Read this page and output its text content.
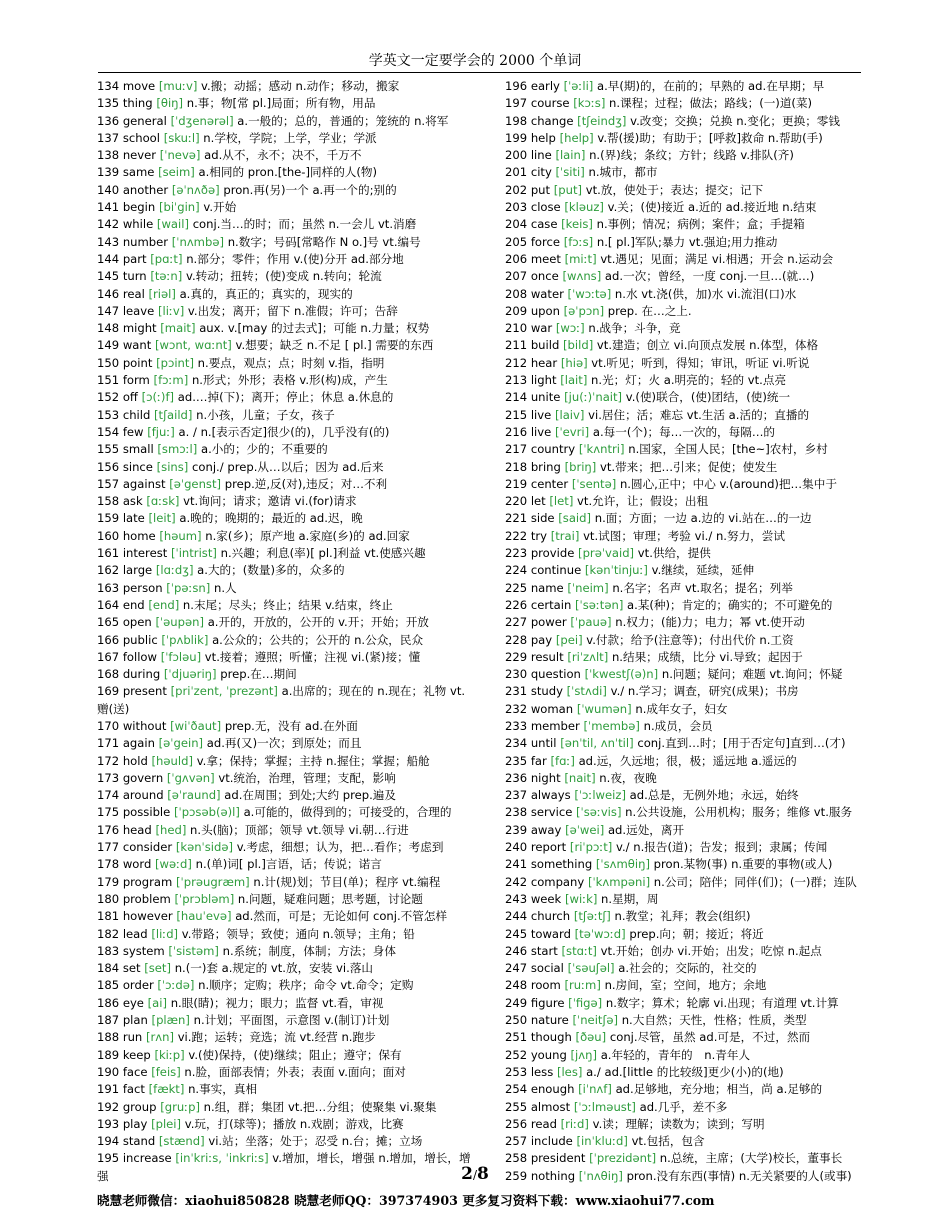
学英文一定要学会的 2000 个单词
134 move [muːv] v.搬；动摇；感动 n.动作；移动，搬家
135 thing [θiŋ] n.事；物[常 pl.]局面；所有物，用品
136 general [ˈdʒenərəl] a.一般的；总的，普通的；笼统的 n.将军
137 school [skuːl] n.学校，学院；上学，学业；学派
138 never [ˈnevə] ad.从不，永不；决不，千万不
139 same [seim] a.相同的 pron.[the-]同样的人(物)
140 another [əˈnʌðə] pron.再(另)一个 a.再一个的;别的
141 begin [biˈgin] v.开始
142 while [wail] conj.当…的时；而；虽然 n.一会儿 vt.消磨
143 number [ˈnʌmbə] n.数字；号码[常略作 N o.]号 vt.编号
144 part [pɑːt] n.部分；零件；作用 v.(使)分开 ad.部分地
145 turn [təːn] v.转动；扭转；(使)变成 n.转向；轮流
146 real [riəl] a.真的，真正的；真实的，现实的
147 leave [liːv] v.出发；离开；留下 n.准假；许可；告辞
148 might [mait] aux. v.[may 的过去式]；可能 n.力量；权势
149 want [wɔnt, wɑːnt] v.想要；缺乏 n.不足 [ pl.] 需要的东西
150 point [pɔint] n.要点，观点；点；时刻 v.指，指明
151 form [fɔːm] n.形式；外形；表格 v.形(构)成，产生
152 off [ɔ(ː)f] ad.…掉(下)；离开；停止；休息 a.休息的
153 child [tʃaild] n.小孩，儿童；子女，孩子
154 few [fjuː] a. / n.[表示否定]很少(的)，几乎没有(的)
155 small [smɔːl] a.小的；少的；不重要的
156 since [sins] conj./ prep.从…以后；因为 ad.后来
157 against [əˈgenst] prep.逆,反(对),违反；对…不利
158 ask [ɑːsk] vt.询问；请求；邀请 vi.(for)请求
159 late [leit] a.晚的；晚期的；最近的 ad.迟，晚
160 home [həum] n.家(乡)；原产地 a.家庭(乡)的 ad.回家
161 interest [ˈintrist] n.兴趣；利息(率)[ pl.]利益 vt.使感兴趣
162 large [lɑːdʒ] a.大的；(数量)多的，众多的
163 person [ˈpəːsn] n.人
164 end [end] n.末尾；尽头；终止；结果 v.结束，终止
165 open [ˈəupən] a.开的，开放的，公开的 v.开；开始；开放
166 public [ˈpʌblik] a.公众的；公共的；公开的 n.公众，民众
167 follow [ˈfɔləu] vt.接着；遵照；听懂；注视 vi.(紧)接；懂
168 during [ˈdjuəriŋ] prep.在…期间
169 present [priˈzent, ˈprezənt] a.出席的；现在的 n.现在；礼物 vt.赠(送)
170 without [wiˈðaut] prep.无，没有 ad.在外面
171 again [əˈgein] ad.再(又)一次；到原处；而且
172 hold [həuld] v.拿；保持；掌握；主持 n.握住；掌握；船舱
173 govern [ˈgʌvən] vt.统治，治理，管理；支配，影响
174 around [əˈraund] ad.在周围；到处;大约 prep.遍及
175 possible [ˈpɔsəb(ə)l] a.可能的，做得到的；可接受的，合理的
176 head [hed] n.头(脑)；顶部；领导 vt.领导 vi.朝…行进
177 consider [kənˈsidə] v.考虑，细想；认为，把…看作；考虑到
178 word [wəːd] n.(单)词[ pl.]言语，话；传说；诺言
179 program [ˈprəugræm] n.计(规)划；节目(单)；程序 vt.编程
180 problem [ˈprɔbləm] n.问题，疑难问题；思考题，讨论题
181 however [hauˈevə] ad.然而，可是；无论如何 conj.不管怎样
182 lead [liːd] v.带路；领导；致使；通向 n.领导；主角；铅
183 system [ˈsistəm] n.系统；制度，体制；方法；身体
184 set [set] n.(一)套 a.规定的 vt.放，安装 vi.落山
185 order [ˈɔːdə] n.顺序；定购；秩序；命令 vt.命令；定购
186 eye [ai] n.眼(睛)；视力；眼力；监督 vt.看，审视
187 plan [plæn] n.计划；平面图，示意图 v.(制订)计划
188 run [rʌn] vi.跑；运转；竞选；流 vt.经营 n.跑步
189 keep [kiːp] v.(使)保持，(使)继续；阻止；遵守；保有
190 face [feis] n.脸，面部表情；外表；表面 v.面向；面对
191 fact [fækt] n.事实，真相
192 group [gruːp] n.组，群；集团 vt.把…分组；使聚集 vi.聚集
193 play [plei] v.玩，打(球等)；播放 n.戏剧；游戏，比赛
194 stand [stænd] vi.站；坐落；处于；忍受 n.台；摊；立场
195 increase [inˈkriːs, ˈinkriːs] v.增加，增长，增强 n.增加，增长，增强
196 early [ˈəːli] a.早(期)的，在前的；早熟的 ad.在早期；早
197 course [kɔːs] n.课程；过程；做法；路线；(一)道(菜)
198 change [tʃeindʒ] v.改变；交换；兑换 n.变化；更换；零钱
199 help [help] v.帮(援)助；有助于；[呼救]救命 n.帮助(手)
200 line [lain] n.(界)线；条纹；方针；线路 v.排队(齐)
201 city [ˈsiti] n.城市，都市
202 put [put] vt.放，使处于；表达；提交；记下
203 close [kləuz] v.关；(使)接近 a.近的 ad.接近地 n.结束
204 case [keis] n.事例；情况；病例；案件；盒；手提箱
205 force [fɔːs] n.[ pl.]军队;暴力 vt.强迫;用力推动
206 meet [miːt] vt.遇见；见面；满足 vi.相遇；开会 n.运动会
207 once [wʌns] ad.一次；曾经，一度 conj.一旦…(就…)
208 water [ˈwɔːtə] n.水 vt.浇(供，加)水 vi.流泪(口)水
209 upon [əˈpɔn] prep. 在…之上.
210 war [wɔː] n.战争；斗争，竞
211 build [bild] vt.建造；创立 vi.向顶点发展 n.体型，体格
212 hear [hiə] vt.听见；听到，得知；审讯，听证 vi.听说
213 light [lait] n.光；灯；火 a.明亮的；轻的 vt.点亮
214 unite [ju(ː)ˈnait] v.(使)联合，(使)团结，(使)统一
215 live [laiv] vi.居住；活；难忘 vt.生活 a.活的；直播的
216 live [ˈevri] a.每一(个)；每…一次的，每隔…的
217 country [ˈkʌntri] n.国家，全国人民；[the~]农村，乡村
218 bring [briŋ] vt.带来；把…引来；促使；使发生
219 center [ˈsentə] n.圆心,正中；中心 v.(around)把…集中于
220 let [let] vt.允许，让；假设；出租
221 side [said] n.面；方面；一边 a.边的 vi.站在…的一边
222 try [trai] vt.试图；审理；考验 vi./ n.努力，尝试
223 provide [prəˈvaid] vt.供给，提供
224 continue [kənˈtinjuː] v.继续，延续，延伸
225 name [ˈneim] n.名字；名声 vt.取名；提名；列举
226 certain [ˈsəːtən] a.某(种)；肯定的；确实的；不可避免的
227 power [ˈpauə] n.权力；(能)力；电力；幂 vt.使开动
228 pay [pei] v.付款；给予(注意等)；付出代价 n.工资
229 result [riˈzʌlt] n.结果；成绩，比分 vi.导致；起因于
230 question [ˈkwestʃ(ə)n] n.问题；疑问；难题 vt.询问；怀疑
231 study [ˈstʌdi] v./ n.学习；调查，研究(成果)；书房
232 woman [ˈwumən] n.成年女子，妇女
233 member [ˈmembə] n.成员，会员
234 until [ənˈtil, ʌnˈtil] conj.直到…时；[用于否定句]直到…(才)
235 far [fɑː] ad.远，久远地；很，极；遥远地 a.遥远的
236 night [nait] n.夜，夜晚
237 always [ˈɔːlweiz] ad.总是，无例外地；永远，始终
238 service [ˈsəːvis] n.公共设施，公用机构；服务；维修 vt.服务
239 away [əˈwei] ad.远处，离开
240 report [riˈpɔːt] v./ n.报告(道)；告发；报到；隶属；传闻
241 something [ˈsʌmθiŋ] pron.某物(事) n.重要的事物(或人)
242 company [ˈkʌmpəni] n.公司；陪伴；同伴(们)；(一)群；连队
243 week [wiːk] n.星期，周
244 church [tʃəːtʃ] n.教堂；礼拜；教会(组织)
245 toward [təˈwɔːd] prep.向；朝；接近；将近
246 start [stɑːt] vt.开始；创办 vi.开始；出发；吃惊 n.起点
247 social [ˈsəuʃəl] a.社会的；交际的，社交的
248 room [ruːm] n.房间，室；空间，地方；余地
249 figure [ˈfigə] n.数字；算术；轮廓 vi.出现；有道理 vt.计算
250 nature [ˈneitʃə] n.大自然；天性，性格；性质，类型
251 though [ðəu] conj.尽管，虽然 ad.可是，不过，然而
252 young [jʌŋ] a.年轻的，青年的　n.青年人
253 less [les] a./ ad.[little 的比较级]更少(小)的(地)
254 enough [iˈnʌf] ad.足够地，充分地；相当，尚 a.足够的
255 almost [ˈɔːlməust] ad.几乎，差不多
256 read [riːd] v.读；理解；读数为；读到；写明
257 include [inˈkluːd] vt.包括，包含
258 president [ˈprezidənt] n.总统，主席；(大学)校长，董事长
259 nothing [ˈnʌθiŋ] pron.没有东西(事情) n.无关紧要的人(或事)
2/8
晓慧老师微信：xiaohui850828 晓慧老师QQ：397374903 更多复习资料下载：www.xiaohui77.com
